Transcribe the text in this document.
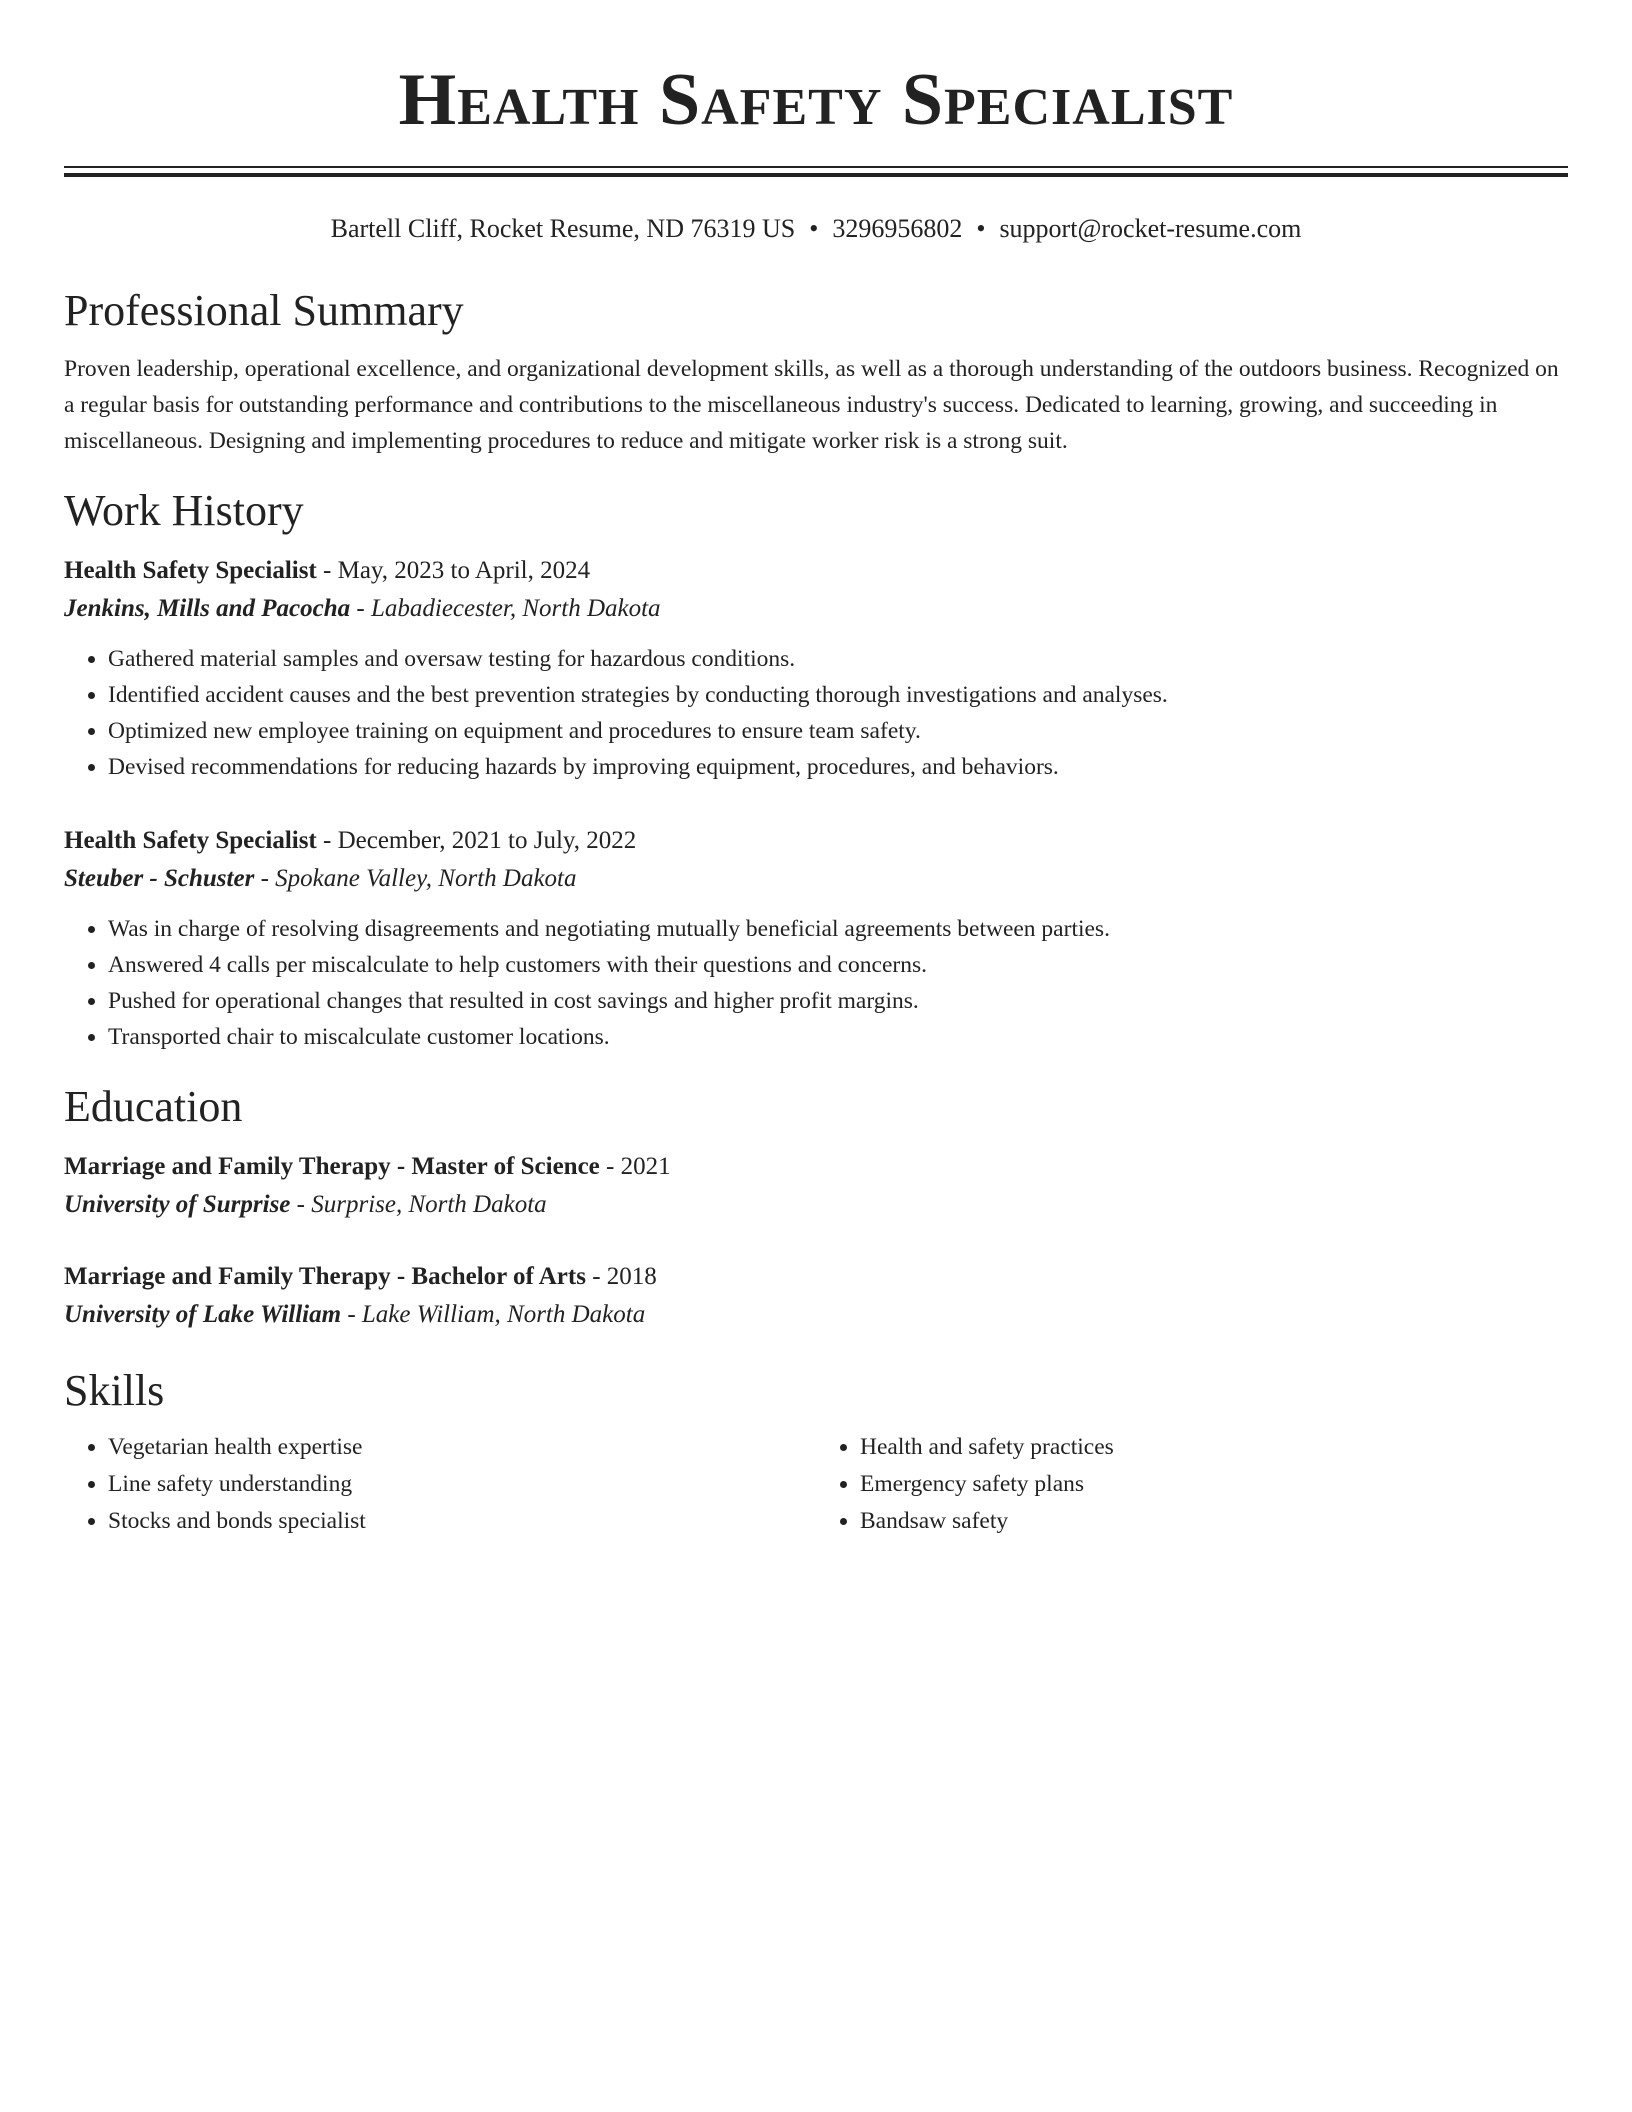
Health Safety Specialist
Bartell Cliff, Rocket Resume, ND 76319 US • 3296956802 • support@rocket-resume.com
Professional Summary
Proven leadership, operational excellence, and organizational development skills, as well as a thorough understanding of the outdoors business. Recognized on a regular basis for outstanding performance and contributions to the miscellaneous industry's success. Dedicated to learning, growing, and succeeding in miscellaneous. Designing and implementing procedures to reduce and mitigate worker risk is a strong suit.
Work History
Health Safety Specialist - May, 2023 to April, 2024
Jenkins, Mills and Pacocha - Labadiecester, North Dakota
• Gathered material samples and oversaw testing for hazardous conditions.
• Identified accident causes and the best prevention strategies by conducting thorough investigations and analyses.
• Optimized new employee training on equipment and procedures to ensure team safety.
• Devised recommendations for reducing hazards by improving equipment, procedures, and behaviors.
Health Safety Specialist - December, 2021 to July, 2022
Steuber - Schuster - Spokane Valley, North Dakota
• Was in charge of resolving disagreements and negotiating mutually beneficial agreements between parties.
• Answered 4 calls per miscalculate to help customers with their questions and concerns.
• Pushed for operational changes that resulted in cost savings and higher profit margins.
• Transported chair to miscalculate customer locations.
Education
Marriage and Family Therapy - Master of Science - 2021
University of Surprise - Surprise, North Dakota
Marriage and Family Therapy - Bachelor of Arts - 2018
University of Lake William - Lake William, North Dakota
Skills
• Vegetarian health expertise
• Line safety understanding
• Stocks and bonds specialist
• Health and safety practices
• Emergency safety plans
• Bandsaw safety
